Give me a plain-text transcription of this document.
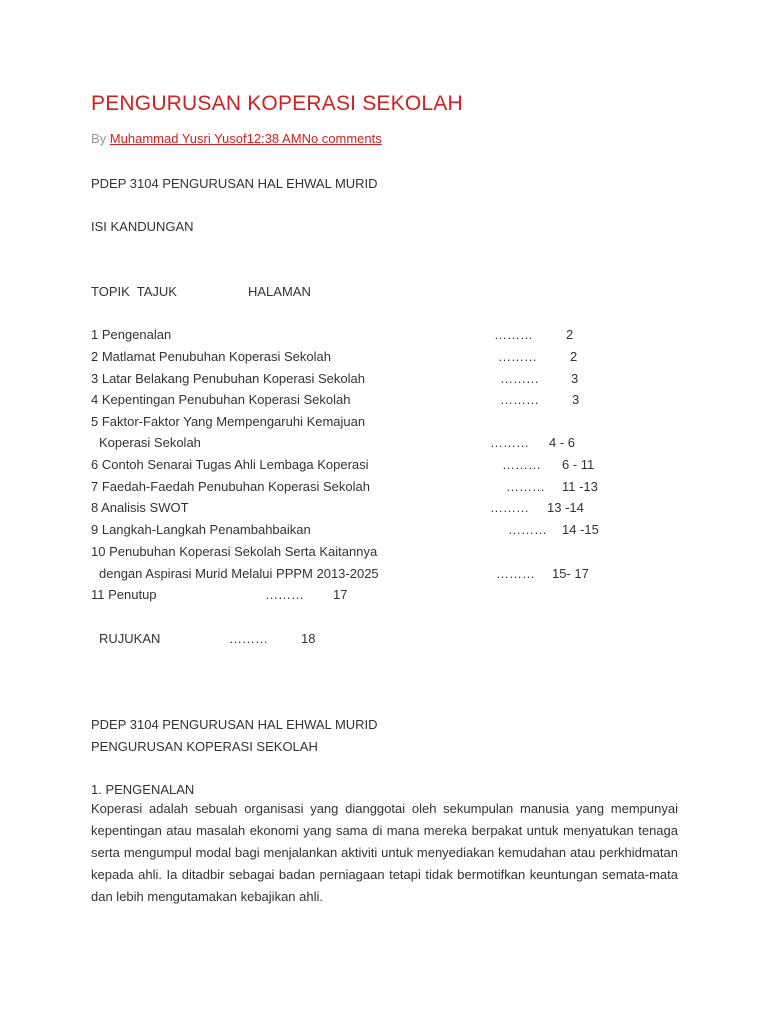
PENGURUSAN KOPERASI SEKOLAH
By Muhammad Yusri Yusof12:38 AMNo comments
PDEP 3104 PENGURUSAN HAL EHWAL MURID
ISI KANDUNGAN
TOPIK  TAJUK	HALAMAN
1 Pengenalan	………	2
2 Matlamat Penubuhan Koperasi Sekolah	………	2
3 Latar Belakang Penubuhan Koperasi Sekolah	……… 3
4 Kepentingan Penubuhan Koperasi Sekolah	………	3
5 Faktor-Faktor Yang Mempengaruhi Kemajuan
Koperasi Sekolah	……… 4 - 6
6 Contoh Senarai Tugas Ahli Lembaga Koperasi	……… 6 - 11
7 Faedah-Faedah Penubuhan Koperasi Sekolah	……… 11 -13
8 Analisis SWOT	……… 13 -14
9 Langkah-Langkah Penambahbaikan	……… 14 -15
10 Penubuhan Koperasi Sekolah Serta Kaitannya
dengan Aspirasi Murid Melalui PPPM 2013-2025	……… 15- 17
11 Penutup	……… 17
RUJUKAN	………	18
PDEP 3104 PENGURUSAN HAL EHWAL MURID
PENGURUSAN KOPERASI SEKOLAH
1. PENGENALAN
Koperasi adalah sebuah organisasi yang dianggotai oleh sekumpulan manusia yang mempunyai kepentingan atau masalah ekonomi yang sama di mana mereka berpakat untuk menyatukan tenaga serta mengumpul modal bagi menjalankan aktiviti untuk menyediakan kemudahan atau perkhidmatan kepada ahli. Ia ditadbir sebagai badan perniagaan tetapi tidak bermotifkan keuntungan semata-mata dan lebih mengutamakan kebajikan ahli.
